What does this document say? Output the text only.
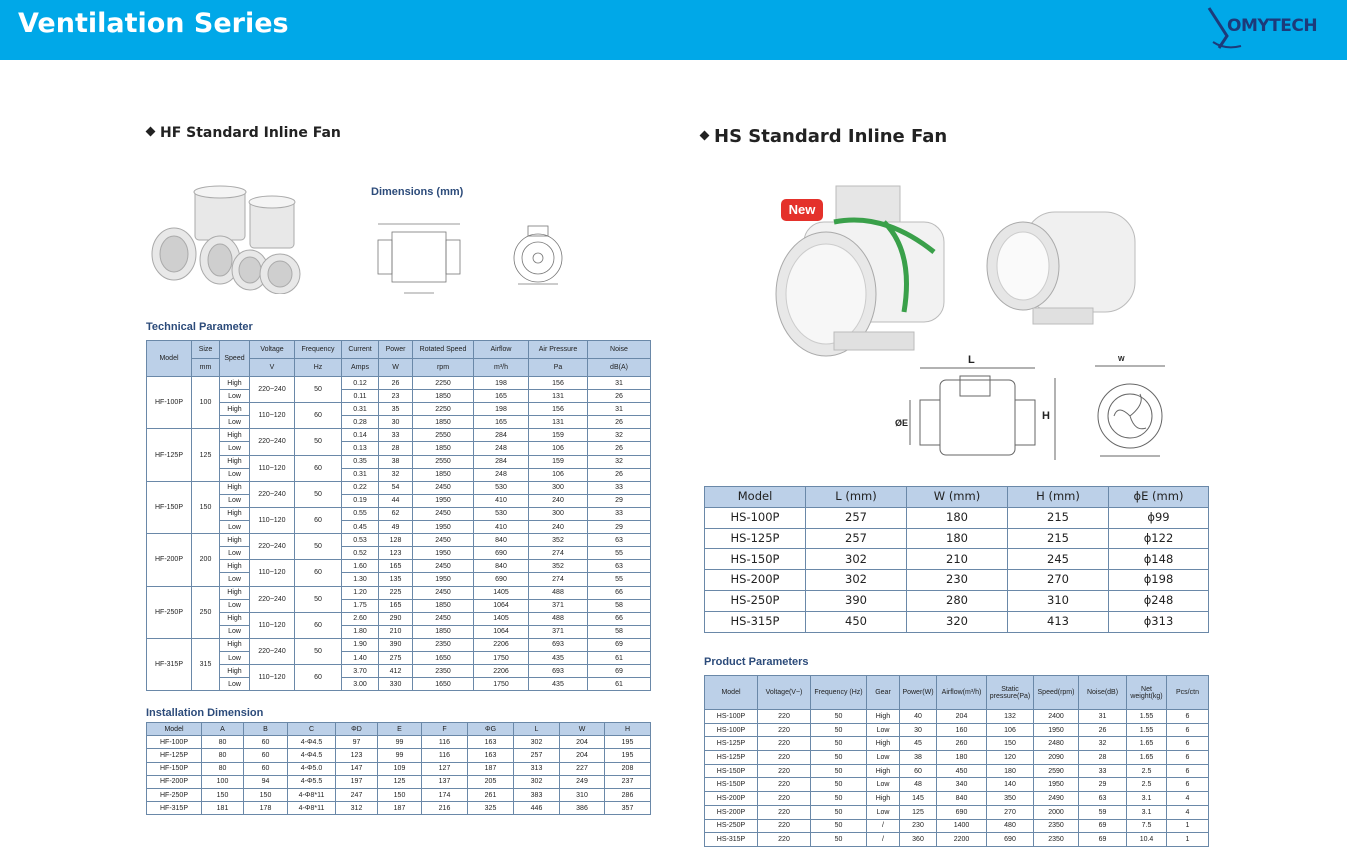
Ventilation Series	OMYTECH
HF Standard Inline Fan
Dimensions (mm)
Technical Parameter
Model	Size	Speed	Voltage	Frequency	Current	Power	Rotated Speed	Airflow	Air Pressure	Noise
	mm		V	Hz	Amps	W	rpm	m³/h	Pa	dB(A)
HF-100P	100	High	220~240	50	0.12	26	2250	198	156	31
		Low			0.11	23	1850	165	131	26
		High	110~120	60	0.31	35	2250	198	156	31
		Low			0.28	30	1850	165	131	26
HF-125P	125	High	220~240	50	0.14	33	2550	284	159	32
		Low			0.13	28	1850	248	106	26
		High	110~120	60	0.35	38	2550	284	159	32
		Low			0.31	32	1850	248	106	26
HF-150P	150	High	220~240	50	0.22	54	2450	530	300	33
		Low			0.19	44	1950	410	240	29
		High	110~120	60	0.55	62	2450	530	300	33
		Low			0.45	49	1950	410	240	29
HF-200P	200	High	220~240	50	0.53	128	2450	840	352	63
		Low			0.52	123	1950	690	274	55
		High	110~120	60	1.60	165	2450	840	352	63
		Low			1.30	135	1950	690	274	55
HF-250P	250	High	220~240	50	1.20	225	2450	1405	488	66
		Low			1.75	165	1850	1064	371	58
		High	110~120	60	2.60	290	2450	1405	488	66
		Low			1.80	210	1850	1064	371	58
HF-315P	315	High	220~240	50	1.90	390	2350	2206	693	69
		Low			1.40	275	1650	1750	435	61
		High	110~120	60	3.70	412	2350	2206	693	69
		Low			3.00	330	1650	1750	435	61
Installation Dimension
Model	A	B	C	ΦD	E	F	ΦG	L	W	H
HF-100P	80	60	4-Φ4.5	97	99	116	163	302	204	195
HF-125P	80	60	4-Φ4.5	123	99	116	163	257	204	195
HF-150P	80	60	4-Φ5.0	147	109	127	187	313	227	208
HF-200P	100	94	4-Φ5.5	197	125	137	205	302	249	237
HF-250P	150	150	4-Φ8*11	247	150	174	261	383	310	286
HF-315P	181	178	4-Φ8*11	312	187	216	325	446	386	357
HS Standard Inline Fan
New
L
H
ØE
W
Model	L (mm)	W (mm)	H (mm)	ϕE (mm)
HS-100P	257	180	215	ϕ99
HS-125P	257	180	215	ϕ122
HS-150P	302	210	245	ϕ148
HS-200P	302	230	270	ϕ198
HS-250P	390	280	310	ϕ248
HS-315P	450	320	413	ϕ313
Product Parameters
Model	Voltage(V~)	Frequency (Hz)	Gear	Power(W)	Airflow(m³/h)	Static pressure(Pa)	Speed(rpm)	Noise(dB)	Net weight(kg)	Pcs/ctn
HS-100P	220	50	High	40	204	132	2400	31	1.55	6
HS-100P	220	50	Low	30	160	106	1950	26	1.55	6
HS-125P	220	50	High	45	260	150	2480	32	1.65	6
HS-125P	220	50	Low	38	180	120	2090	28	1.65	6
HS-150P	220	50	High	60	450	180	2590	33	2.5	6
HS-150P	220	50	Low	48	340	140	1950	29	2.5	6
HS-200P	220	50	High	145	840	350	2490	63	3.1	4
HS-200P	220	50	Low	125	690	270	2000	59	3.1	4
HS-250P	220	50	/	230	1400	480	2350	69	7.5	1
HS-315P	220	50	/	360	2200	690	2350	69	10.4	1
